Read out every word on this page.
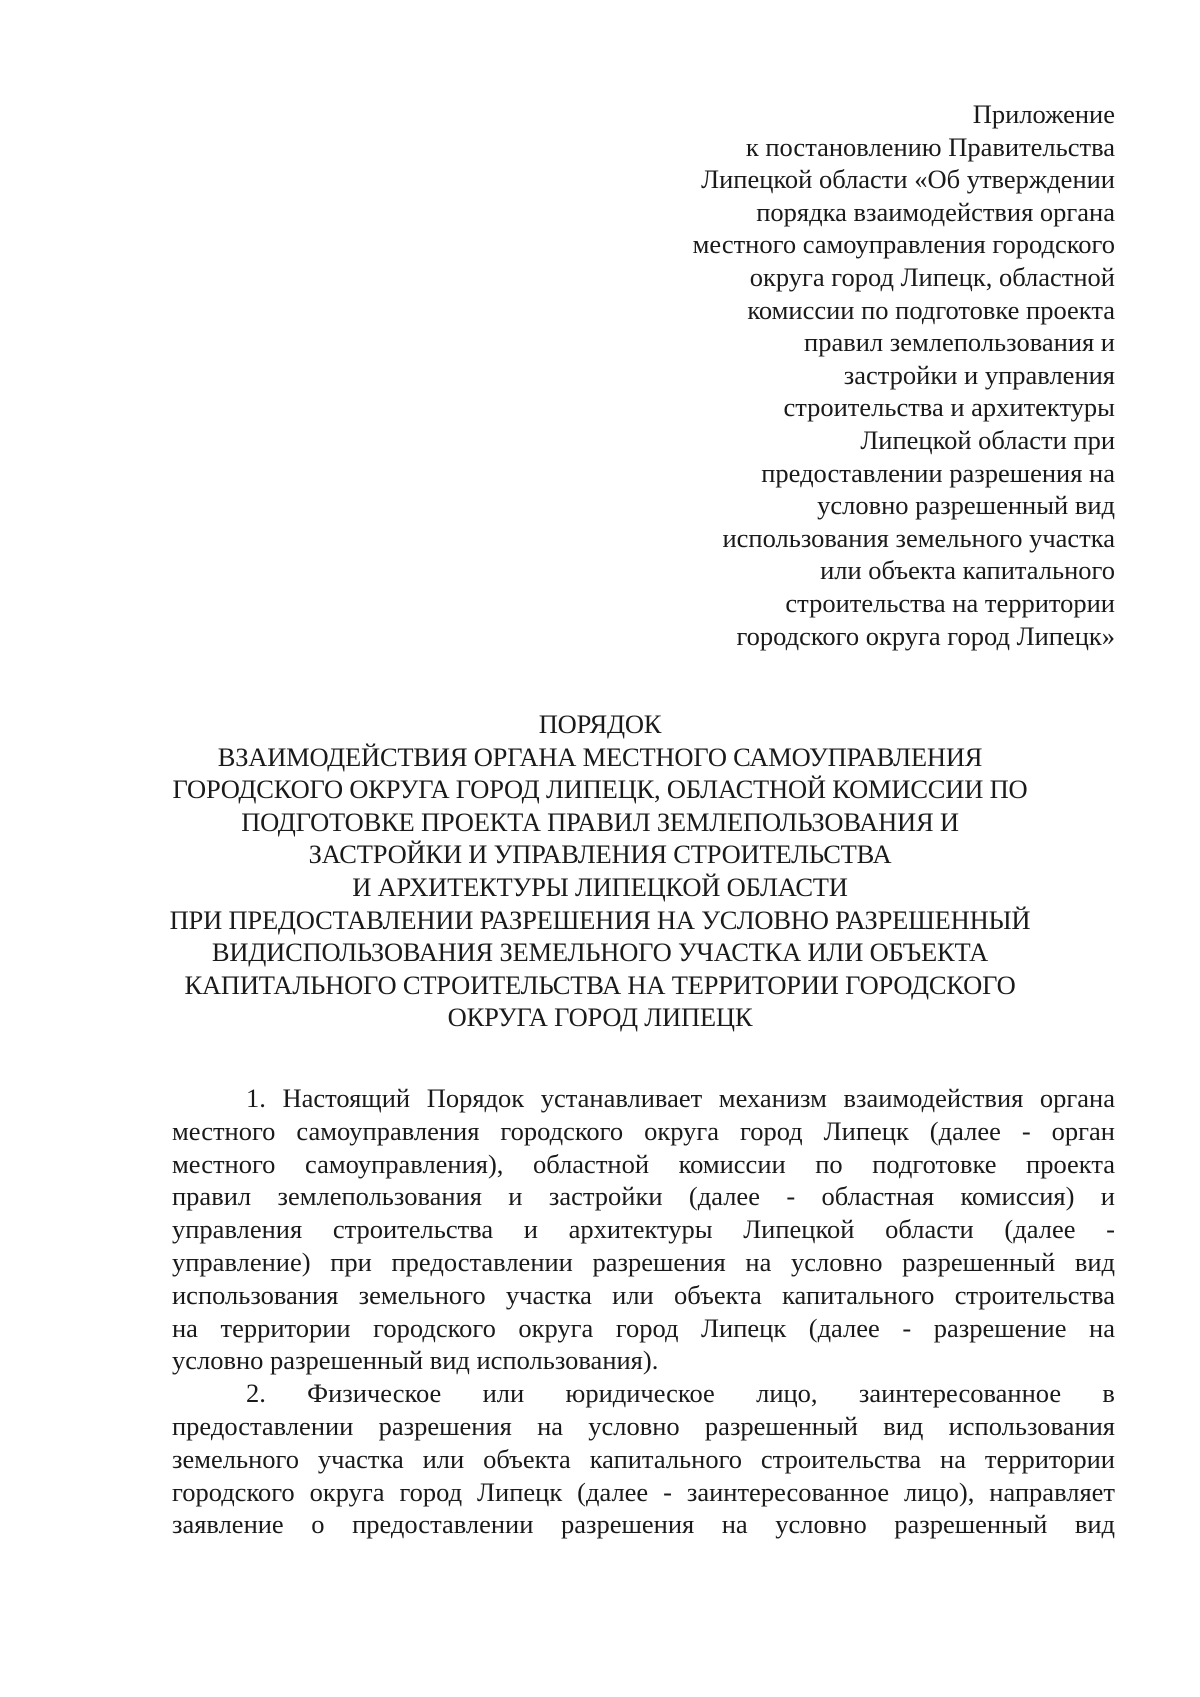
Приложение
к постановлению Правительства
Липецкой области «Об утверждении
порядка взаимодействия органа
местного самоуправления городского
округа город Липецк, областной
комиссии по подготовке проекта
правил землепользования и
застройки и управления
строительства и архитектуры
Липецкой области при
предоставлении разрешения на
условно разрешенный вид
использования земельного участка
или объекта капитального
строительства на территории
городского округа город Липецк»
ПОРЯДОК
ВЗАИМОДЕЙСТВИЯ ОРГАНА МЕСТНОГО САМОУПРАВЛЕНИЯ
ГОРОДСКОГО ОКРУГА ГОРОД ЛИПЕЦК, ОБЛАСТНОЙ КОМИССИИ ПО
ПОДГОТОВКЕ ПРОЕКТА ПРАВИЛ ЗЕМЛЕПОЛЬЗОВАНИЯ И
ЗАСТРОЙКИ И УПРАВЛЕНИЯ СТРОИТЕЛЬСТВА
И АРХИТЕКТУРЫ ЛИПЕЦКОЙ ОБЛАСТИ
ПРИ ПРЕДОСТАВЛЕНИИ РАЗРЕШЕНИЯ НА УСЛОВНО РАЗРЕШЕННЫЙ
ВИДИСПОЛЬЗОВАНИЯ ЗЕМЕЛЬНОГО УЧАСТКА ИЛИ ОБЪЕКТА
КАПИТАЛЬНОГО СТРОИТЕЛЬСТВА НА ТЕРРИТОРИИ ГОРОДСКОГО
ОКРУГА ГОРОД ЛИПЕЦК
1. Настоящий Порядок устанавливает механизм взаимодействия органа
местного самоуправления городского округа город Липецк (далее - орган
местного самоуправления), областной комиссии по подготовке проекта
правил землепользования и застройки (далее - областная комиссия) и
управления строительства и архитектуры Липецкой области (далее -
управление) при предоставлении разрешения на условно разрешенный вид
использования земельного участка или объекта капитального строительства
на территории городского округа город Липецк (далее - разрешение на
условно разрешенный вид использования).
2. Физическое или юридическое лицо, заинтересованное в
предоставлении разрешения на условно разрешенный вид использования
земельного участка или объекта капитального строительства на территории
городского округа город Липецк (далее - заинтересованное лицо), направляет
заявление о предоставлении разрешения на условно разрешенный вид
